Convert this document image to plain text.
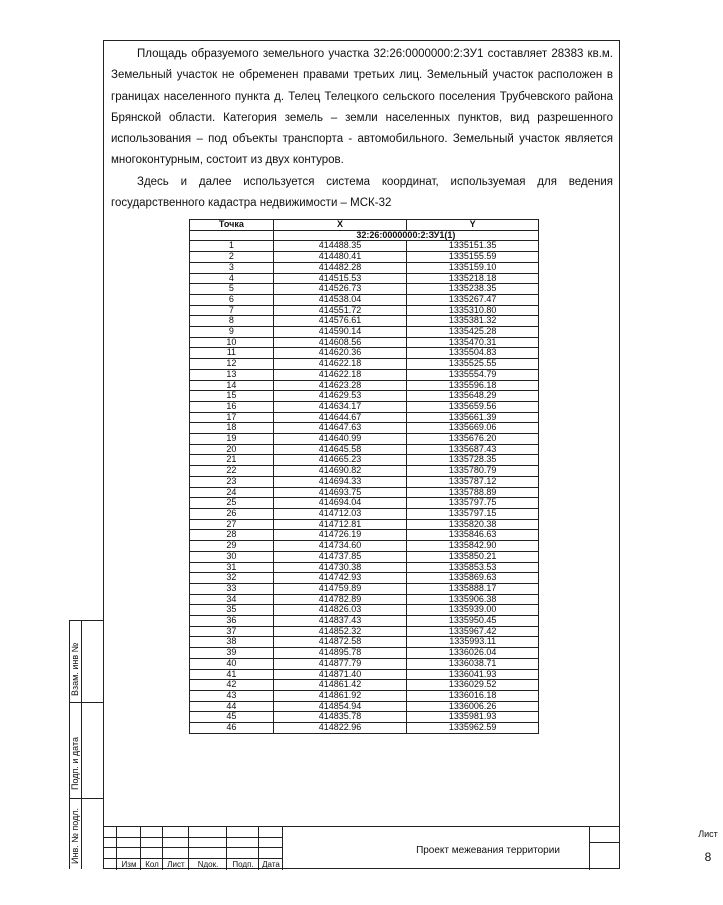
Площадь образуемого земельного участка 32:26:0000000:2:ЗУ1 составляет 28383 кв.м. Земельный участок не обременен правами третьих лиц. Земельный участок расположен в границах населенного пункта д. Телец Телецкого сельского поселения Трубчевского района Брянской области. Категория земель – земли населенных пунктов, вид разрешенного использования – под объекты транспорта - автомобильного. Земельный участок является многоконтурным, состоит из двух контуров.

Здесь и далее используется система координат, используемая для ведения государственного кадастра недвижимости – МСК-32

Точка	X	Y
	32:26:0000000:2:ЗУ1(1)	
1	414488.35	1335151.35
2	414480.41	1335155.59
3	414482.28	1335159.10
4	414515.53	1335218.18
5	414526.73	1335238.35
6	414538.04	1335267.47
7	414551.72	1335310.80
8	414576.61	1335381.32
9	414590.14	1335425.28
10	414608.56	1335470.31
11	414620.36	1335504.83
12	414622.18	1335525.55
13	414622.18	1335554.79
14	414623.28	1335596.18
15	414629.53	1335648.29
16	414634.17	1335659.56
17	414644.67	1335661.39
18	414647.63	1335669.06
19	414640.99	1335676.20
20	414645.58	1335687.43
21	414665.23	1335728.35
22	414690.82	1335780.79
23	414694.33	1335787.12
24	414693.75	1335788.89
25	414694.04	1335797.75
26	414712.03	1335797.15
27	414712.81	1335820.38
28	414726.19	1335846.63
29	414734.60	1335842.90
30	414737.85	1335850.21
31	414730.38	1335853.53
32	414742.93	1335869.63
33	414759.89	1335888.17
34	414782.89	1335906.38
35	414826.03	1335939.00
36	414837.43	1335950.45
37	414852.32	1335967.42
38	414872.58	1335993.11
39	414895.78	1336026.04
40	414877.79	1336038.71
41	414871.40	1336041.93
42	414861.42	1336029.52
43	414861.92	1336016.18
44	414854.94	1336006.26
45	414835.78	1335981.93
46	414822.96	1335962.59
Взам. инв №
Подп. и дата
Инв. № подл.
Изм	Кол	Лист	Nдок.	Подп.	Дата
Проект межевания территории
Лист
8
